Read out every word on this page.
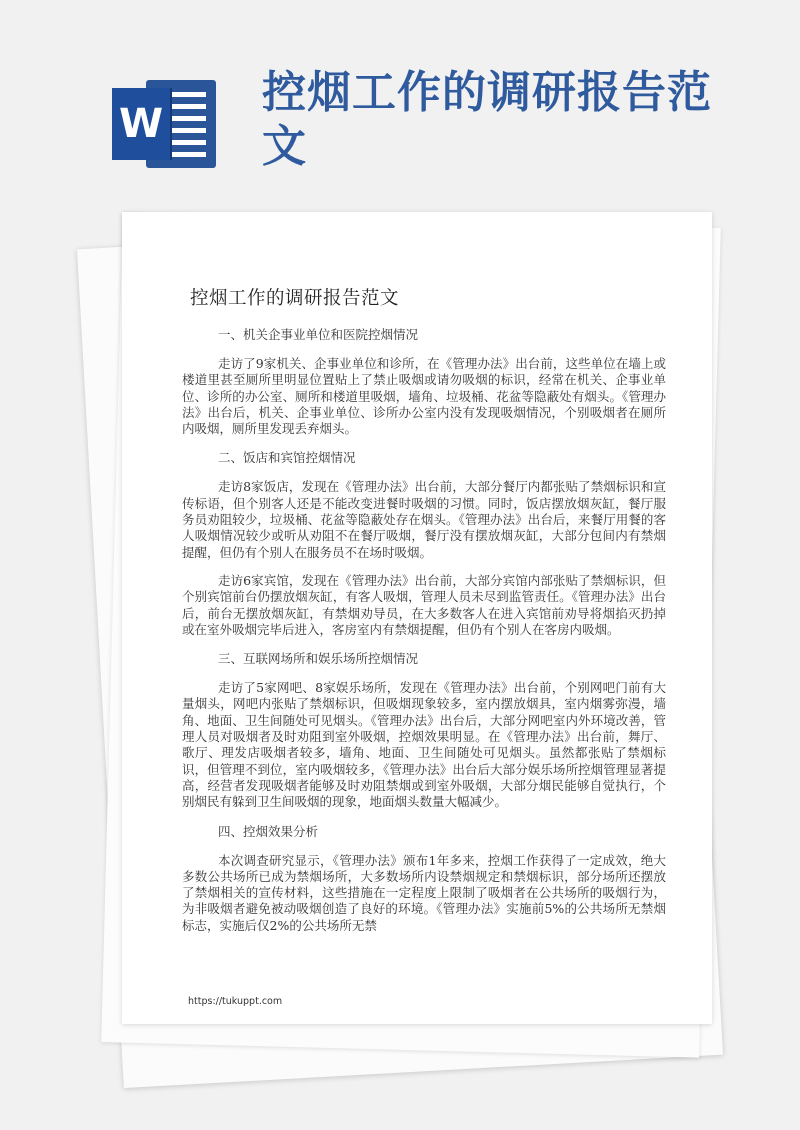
W
控烟工作的调研报告范文
控烟工作的调研报告范文

一、机关企事业单位和医院控烟情况

走访了9家机关、企事业单位和诊所，在《管理办法》出台前，这些单位在墙上或楼道里甚至厕所里明显位置贴上了禁止吸烟或请勿吸烟的标识，经常在机关、企事业单位、诊所的办公室、厕所和楼道里吸烟，墙角、垃圾桶、花盆等隐蔽处有烟头。《管理办法》出台后，机关、企事业单位、诊所办公室内没有发现吸烟情况，个别吸烟者在厕所内吸烟，厕所里发现丢弃烟头。

二、饭店和宾馆控烟情况

走访8家饭店，发现在《管理办法》出台前，大部分餐厅内都张贴了禁烟标识和宣传标语，但个别客人还是不能改变进餐时吸烟的习惯。同时，饭店摆放烟灰缸，餐厅服务员劝阻较少，垃圾桶、花盆等隐蔽处存在烟头。《管理办法》出台后，来餐厅用餐的客人吸烟情况较少或听从劝阻不在餐厅吸烟，餐厅没有摆放烟灰缸，大部分包间内有禁烟提醒，但仍有个别人在服务员不在场时吸烟。

走访6家宾馆，发现在《管理办法》出台前，大部分宾馆内部张贴了禁烟标识，但个别宾馆前台仍摆放烟灰缸，有客人吸烟，管理人员未尽到监管责任。《管理办法》出台后，前台无摆放烟灰缸，有禁烟劝导员，在大多数客人在进入宾馆前劝导将烟掐灭扔掉或在室外吸烟完毕后进入，客房室内有禁烟提醒，但仍有个别人在客房内吸烟。

三、互联网场所和娱乐场所控烟情况

走访了5家网吧、8家娱乐场所，发现在《管理办法》出台前，个别网吧门前有大量烟头，网吧内张贴了禁烟标识，但吸烟现象较多，室内摆放烟具，室内烟雾弥漫，墙角、地面、卫生间随处可见烟头。《管理办法》出台后，大部分网吧室内外环境改善，管理人员对吸烟者及时劝阻到室外吸烟，控烟效果明显。在《管理办法》出台前，舞厅、歌厅、理发店吸烟者较多，墙角、地面、卫生间随处可见烟头。虽然都张贴了禁烟标识，但管理不到位，室内吸烟较多，《管理办法》出台后大部分娱乐场所控烟管理显著提高，经营者发现吸烟者能够及时劝阻禁烟或到室外吸烟，大部分烟民能够自觉执行，个别烟民有躲到卫生间吸烟的现象，地面烟头数量大幅减少。

四、控烟效果分析

本次调查研究显示，《管理办法》颁布1年多来，控烟工作获得了一定成效，绝大多数公共场所已成为禁烟场所，大多数场所内设禁烟规定和禁烟标识，部分场所还摆放了禁烟相关的宣传材料，这些措施在一定程度上限制了吸烟者在公共场所的吸烟行为，为非吸烟者避免被动吸烟创造了良好的环境。《管理办法》实施前5%的公共场所无禁烟标志，实施后仅2%的公共场所无禁

https://tukuppt.com
